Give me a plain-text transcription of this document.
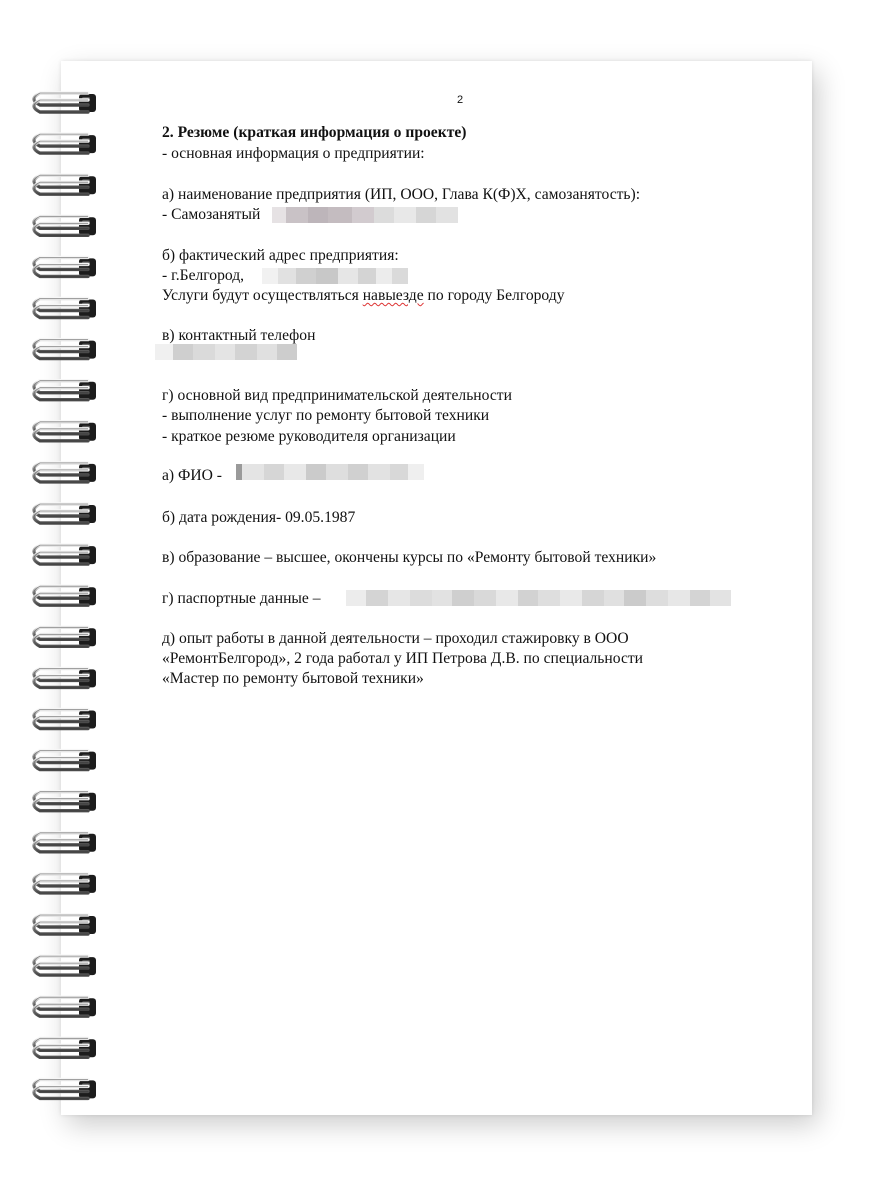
2
2. Резюме (краткая информация о проекте)
- основная информация о предприятии:
а) наименование предприятия (ИП, ООО, Глава К(Ф)Х, самозанятость):
- Самозанятый
б) фактический адрес предприятия:
- г.Белгород,
Услуги будут осуществляться навыезде по городу Белгороду
в) контактный телефон
г) основной вид предпринимательской деятельности
- выполнение услуг по ремонту бытовой техники
- краткое резюме руководителя организации
а) ФИО -
б) дата рождения- 09.05.1987
в) образование – высшее, окончены курсы по «Ремонту бытовой техники»
г) паспортные данные –
д) опыт работы в данной деятельности – проходил стажировку в ООО
«РемонтБелгород», 2 года работал у ИП Петрова Д.В. по специальности
«Мастер по ремонту бытовой техники»
